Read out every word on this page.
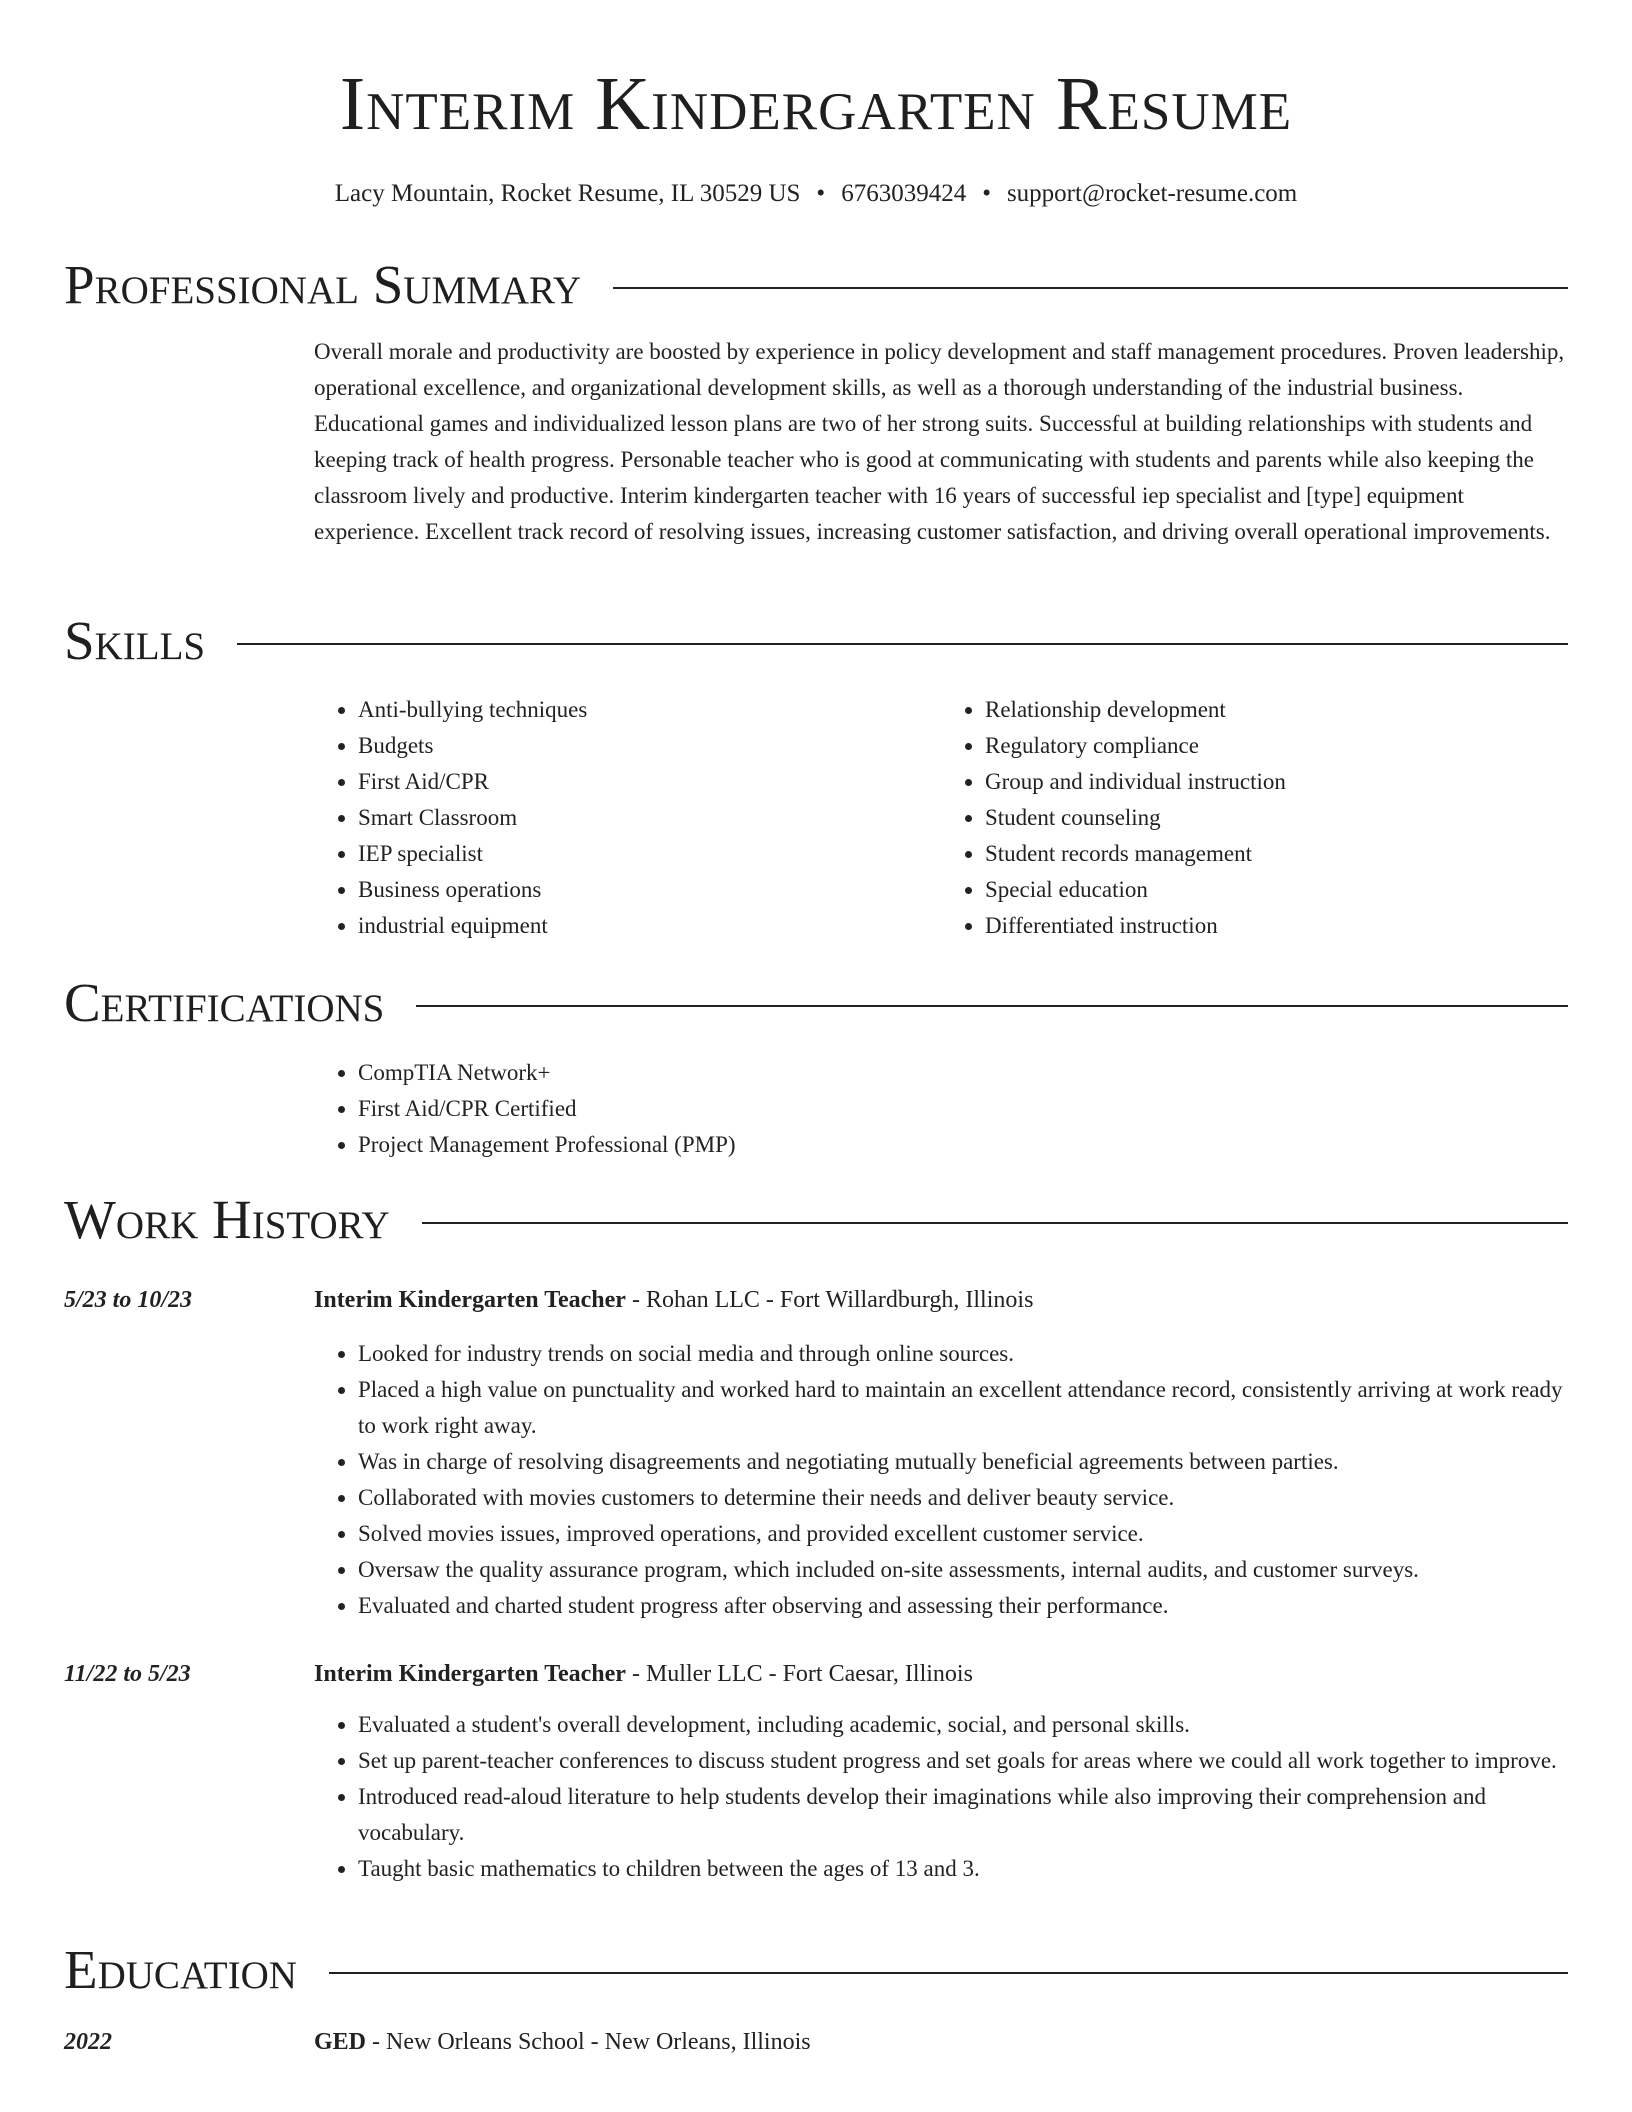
Interim Kindergarten Resume
Lacy Mountain, Rocket Resume, IL 30529 US • 6763039424 • support@rocket-resume.com
Professional Summary

Overall morale and productivity are boosted by experience in policy development and staff management procedures. Proven leadership, operational excellence, and organizational development skills, as well as a thorough understanding of the industrial business. Educational games and individualized lesson plans are two of her strong suits. Successful at building relationships with students and keeping track of health progress. Personable teacher who is good at communicating with students and parents while also keeping the classroom lively and productive. Interim kindergarten teacher with 16 years of successful iep specialist and [type] equipment experience. Excellent track record of resolving issues, increasing customer satisfaction, and driving overall operational improvements.

Skills
• Anti-bullying techniques
• Budgets
• First Aid/CPR
• Smart Classroom
• IEP specialist
• Business operations
• industrial equipment
• Relationship development
• Regulatory compliance
• Group and individual instruction
• Student counseling
• Student records management
• Special education
• Differentiated instruction
Certifications
• CompTIA Network+
• First Aid/CPR Certified
• Project Management Professional (PMP)
Work History
5/23 to 10/23	Interim Kindergarten Teacher - Rohan LLC - Fort Willardburgh, Illinois
• Looked for industry trends on social media and through online sources.
• Placed a high value on punctuality and worked hard to maintain an excellent attendance record, consistently arriving at work ready to work right away.
• Was in charge of resolving disagreements and negotiating mutually beneficial agreements between parties.
• Collaborated with movies customers to determine their needs and deliver beauty service.
• Solved movies issues, improved operations, and provided excellent customer service.
• Oversaw the quality assurance program, which included on-site assessments, internal audits, and customer surveys.
• Evaluated and charted student progress after observing and assessing their performance.
11/22 to 5/23	Interim Kindergarten Teacher - Muller LLC - Fort Caesar, Illinois
• Evaluated a student's overall development, including academic, social, and personal skills.
• Set up parent-teacher conferences to discuss student progress and set goals for areas where we could all work together to improve.
• Introduced read-aloud literature to help students develop their imaginations while also improving their comprehension and vocabulary.
• Taught basic mathematics to children between the ages of 13 and 3.
Education
2022	GED - New Orleans School - New Orleans, Illinois
